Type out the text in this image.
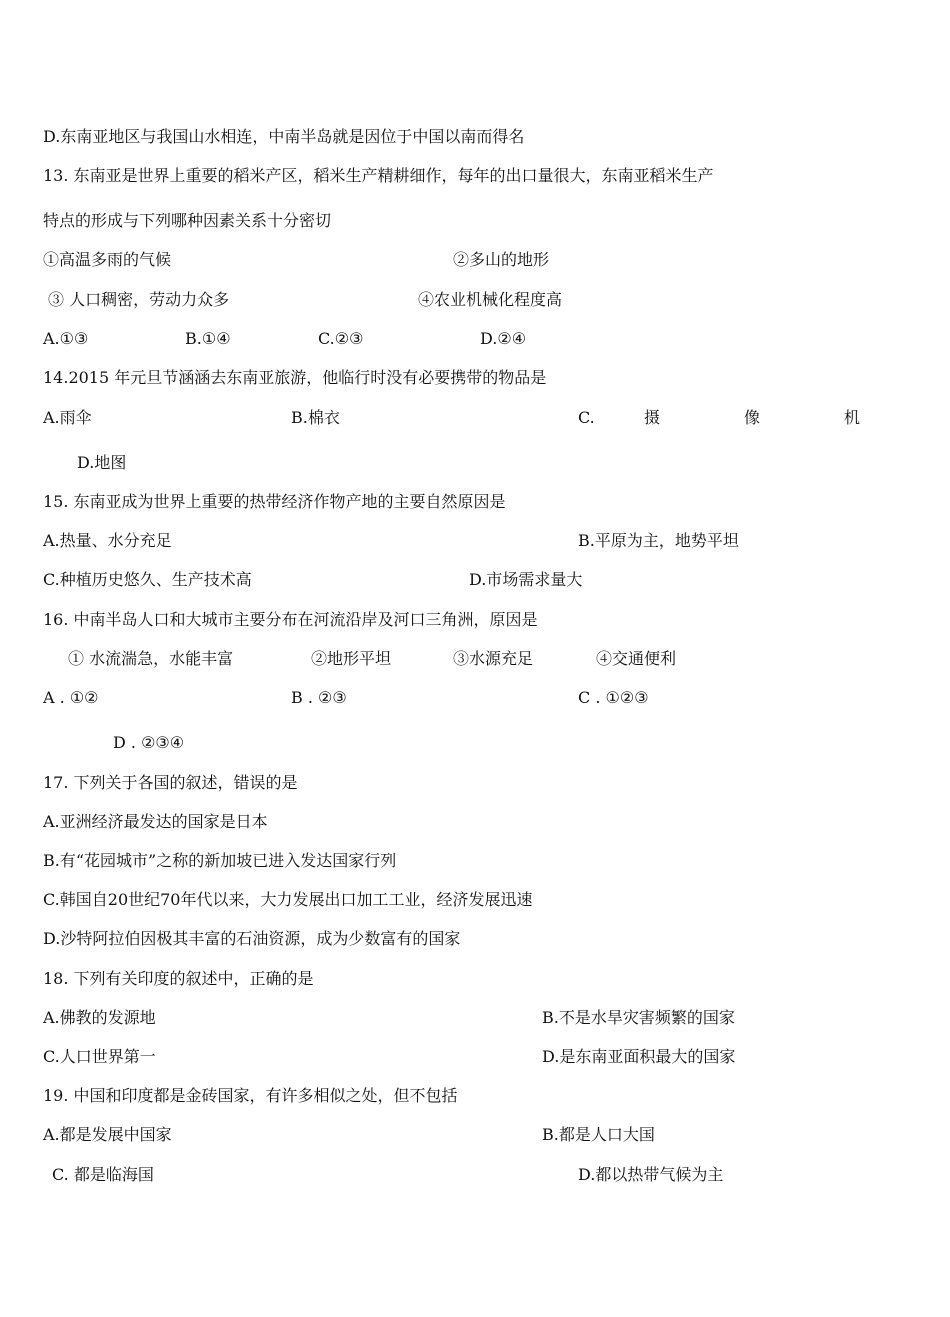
D.东南亚地区与我国山水相连，中南半岛就是因位于中国以南而得名
13. 东南亚是世界上重要的稻米产区，稻米生产精耕细作，每年的出口量很大，东南亚稻米生产
特点的形成与下列哪种因素关系十分密切
①高温多雨的气候	②多山的地形
③ 人口稠密，劳动力众多	④农业机械化程度高
A.①③	B.①④	C.②③	D.②④
14.2015 年元旦节涵涵去东南亚旅游，他临行时没有必要携带的物品是
A.雨伞	B.棉衣	C.	摄	像	机
D.地图
15. 东南亚成为世界上重要的热带经济作物产地的主要自然原因是
A.热量、水分充足	B.平原为主，地势平坦
C.种植历史悠久、生产技术高	D.市场需求量大
16. 中南半岛人口和大城市主要分布在河流沿岸及河口三角洲，原因是
① 水流湍急，水能丰富	②地形平坦	③水源充足	④交通便利
A . ①②	B . ②③	C . ①②③
D . ②③④
17. 下列关于各国的叙述，错误的是
A.亚洲经济最发达的国家是日本
B.有“花园城市”之称的新加坡已进入发达国家行列
C.韩国自20世纪70年代以来，大力发展出口加工工业，经济发展迅速
D.沙特阿拉伯因极其丰富的石油资源，成为少数富有的国家
18. 下列有关印度的叙述中，正确的是
A.佛教的发源地	B.不是水旱灾害频繁的国家
C.人口世界第一	D.是东南亚面积最大的国家
19. 中国和印度都是金砖国家，有许多相似之处，但不包括
A.都是发展中国家	B.都是人口大国
C. 都是临海国	D.都以热带气候为主
